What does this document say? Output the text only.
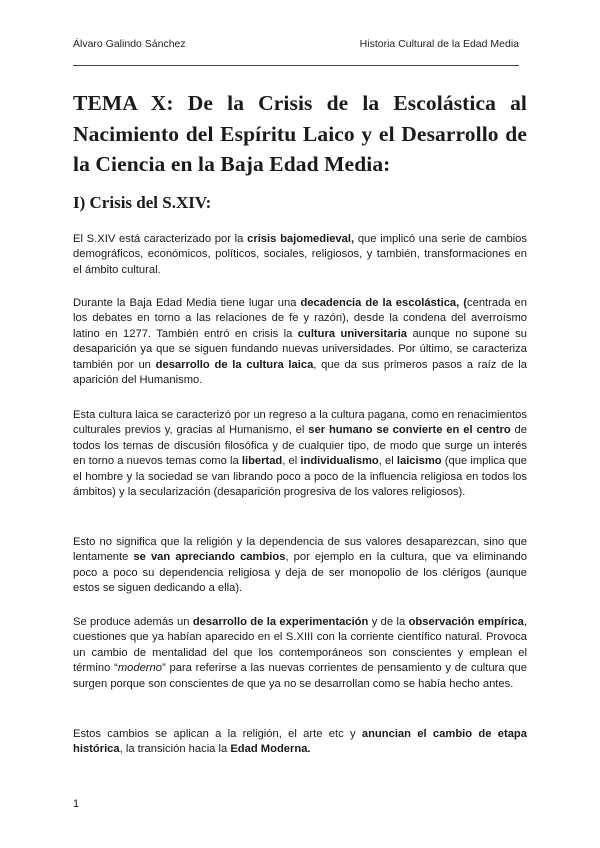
Álvaro Galindo Sánchez	Historia Cultural de la Edad Media
TEMA X: De la Crisis de la Escolástica al Nacimiento del Espíritu Laico y el Desarrollo de la Ciencia en la Baja Edad Media:
I) Crisis del S.XIV:

El S.XIV está caracterizado por la crisis bajomedieval, que implicó una serie de cambios demográficos, económicos, políticos, sociales, religiosos, y también, transformaciones en el ámbito cultural.

Durante la Baja Edad Media tiene lugar una decadencia de la escolástica, (centrada en los debates en torno a las relaciones de fe y razón), desde la condena del averroísmo latino en 1277. También entró en crisis la cultura universitaria aunque no supone su desaparición ya que se siguen fundando nuevas universidades. Por último, se caracteriza también por un desarrollo de la cultura laica, que da sus primeros pasos a raíz de la aparición del Humanismo.

Esta cultura laica se caracterizó por un regreso a la cultura pagana, como en renacimientos culturales previos y, gracias al Humanismo, el ser humano se convierte en el centro de todos los temas de discusión filosófica y de cualquier tipo, de modo que surge un interés en torno a nuevos temas como la libertad, el individualismo, el laicismo (que implica que el hombre y la sociedad se van librando poco a poco de la influencia religiosa en todos los ámbitos) y la secularización (desaparición progresiva de los valores religiosos).

Esto no significa que la religión y la dependencia de sus valores desaparezcan, sino que lentamente se van apreciando cambios, por ejemplo en la cultura, que va eliminando poco a poco su dependencia religiosa y deja de ser monopolio de los clérigos (aunque estos se siguen dedicando a ella).

Se produce además un desarrollo de la experimentación y de la observación empírica, cuestiones que ya habían aparecido en el S.XIII con la corriente científico natural. Provoca un cambio de mentalidad del que los contemporáneos son conscientes y emplean el término “moderno” para referirse a las nuevas corrientes de pensamiento y de cultura que surgen porque son conscientes de que ya no se desarrollan como se había hecho antes.

Estos cambios se aplican a la religión, el arte etc y anuncian el cambio de etapa histórica, la transición hacia la Edad Moderna.

1
